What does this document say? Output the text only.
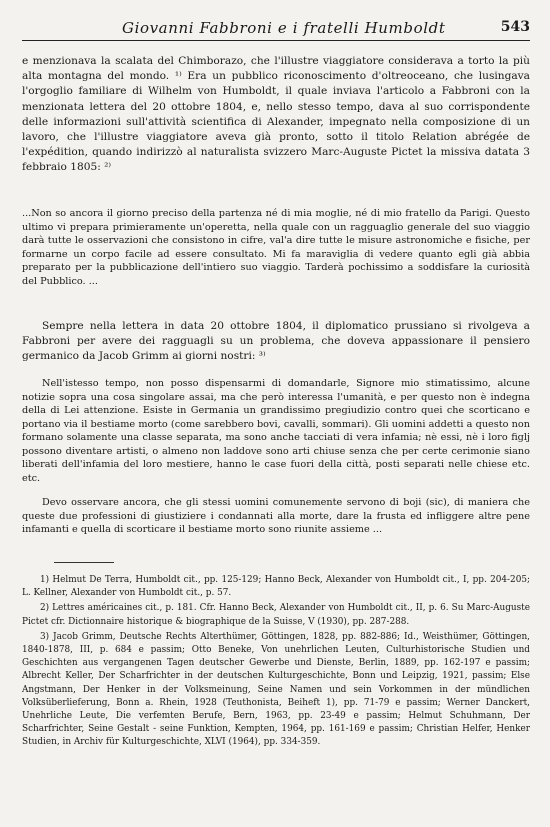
Giovanni Fabbroni e i fratelli Humboldt	543

e menzionava la scalata del Chimborazo, che l'illustre viaggiatore considerava a torto la più alta montagna del mondo. ¹⁾ Era un pubblico riconoscimento d'oltreoceano, che lusingava l'orgoglio familiare di Wilhelm von Humboldt, il quale inviava l'articolo a Fabbroni con la menzionata lettera del 20 ottobre 1804, e, nello stesso tempo, dava al suo corrispondente delle informazioni sull'attività scientifica di Alexander, impegnato nella composizione di un lavoro, che l'illustre viaggiatore aveva già pronto, sotto il titolo Relation abrégée de l'expédition, quando indirizzò al naturalista svizzero Marc-Auguste Pictet la missiva datata 3 febbraio 1805: ²⁾

...Non so ancora il giorno preciso della partenza né di mia moglie, né di mio fratello da Parigi. Questo ultimo vi prepara primieramente un'operetta, nella quale con un ragguaglio generale del suo viaggio darà tutte le osservazioni che consistono in cifre, val'a dire tutte le misure astronomiche e fisiche, per formarne un corpo facile ad essere consultato. Mi fa maraviglia di vedere quanto egli già abbia preparato per la pubblicazione dell'intiero suo viaggio. Tarderà pochissimo a soddisfare la curiosità del Pubblico. ...

Sempre nella lettera in data 20 ottobre 1804, il diplomatico prussiano si rivolgeva a Fabbroni per avere dei ragguagli su un problema, che doveva appassionare il pensiero germanico da Jacob Grimm ai giorni nostri: ³⁾

Nell'istesso tempo, non posso dispensarmi di domandarle, Signore mio stimatissimo, alcune notizie sopra una cosa singolare assai, ma che però interessa l'umanità, e per questo non è indegna della di Lei attenzione. Esiste in Germania un grandissimo pregiudizio contro quei che scorticano e portano via il bestiame morto (come sarebbero bovi, cavalli, sommari). Gli uomini addetti a questo non formano solamente una classe separata, ma sono anche tacciati di vera infamia; nè essi, nè i loro figlj possono diventare artisti, o almeno non laddove sono arti chiuse senza che per certe cerimonie siano liberati dell'infamia del loro mestiere, hanno le case fuori della città, posti separati nelle chiese etc. etc.

Devo osservare ancora, che gli stessi uomini comunemente servono di boji (sic), di maniera che queste due professioni di giustiziere i condannati alla morte, dare la frusta ed infliggere altre pene infamanti e quella di scorticare il bestiame morto sono riunite assieme ...

1) Helmut De Terra, Humboldt cit., pp. 125-129; Hanno Beck, Alexander von Humboldt cit., I, pp. 204-205; L. Kellner, Alexander von Humboldt cit., p. 57.

2) Lettres américaines cit., p. 181. Cfr. Hanno Beck, Alexander von Humboldt cit., II, p. 6. Su Marc-Auguste Pictet cfr. Dictionnaire historique & biographique de la Suisse, V (1930), pp. 287-288.

3) Jacob Grimm, Deutsche Rechts Alterthümer, Göttingen, 1828, pp. 882-886; Id., Weisthümer, Göttingen, 1840-1878, III, p. 684 e passim; Otto Beneke, Von unehrlichen Leuten, Culturhistorische Studien und Geschichten aus vergangenen Tagen deutscher Gewerbe und Dienste, Berlin, 1889, pp. 162-197 e passim; Albrecht Keller, Der Scharfrichter in der deutschen Kulturgeschichte, Bonn und Leipzig, 1921, passim; Else Angstmann, Der Henker in der Volksmeinung, Seine Namen und sein Vorkommen in der mündlichen Volksüberlieferung, Bonn a. Rhein, 1928 (Teuthonista, Beiheft 1), pp. 71-79 e passim; Werner Danckert, Unehrliche Leute, Die verfemten Berufe, Bern, 1963, pp. 23-49 e passim; Helmut Schuhmann, Der Scharfrichter, Seine Gestalt - seine Funktion, Kempten, 1964, pp. 161-169 e passim; Christian Helfer, Henker Studien, in Archiv für Kulturgeschichte, XLVI (1964), pp. 334-359.
